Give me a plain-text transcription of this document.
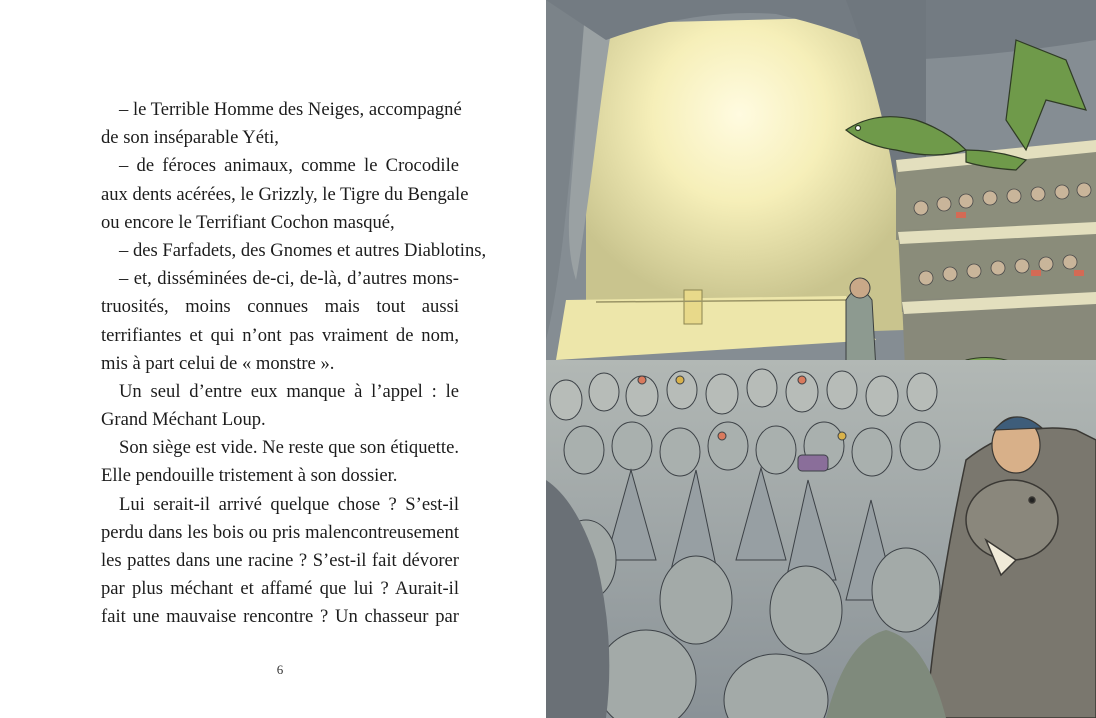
– le Terrible Homme des Neiges, accompagné
de son inséparable Yéti,
– de féroces animaux, comme le Crocodile
aux dents acérées, le Grizzly, le Tigre du Bengale
ou encore le Terrifiant Cochon masqué,
– des Farfadets, des Gnomes et autres Diablotins,
– et, disséminées de-ci, de-là, d’autres mons-
truosités, moins connues mais tout aussi
terrifiantes et qui n’ont pas vraiment de nom,
mis à part celui de « monstre ».
Un seul d’entre eux manque à l’appel : le
Grand Méchant Loup.
Son siège est vide. Ne reste que son étiquette.
Elle pendouille tristement à son dossier.
Lui serait-il arrivé quelque chose ? S’est-il
perdu dans les bois ou pris malencontreusement
les pattes dans une racine ? S’est-il fait dévorer
par plus méchant et affamé que lui ? Aurait-il
fait une mauvaise rencontre ? Un chasseur par
6
